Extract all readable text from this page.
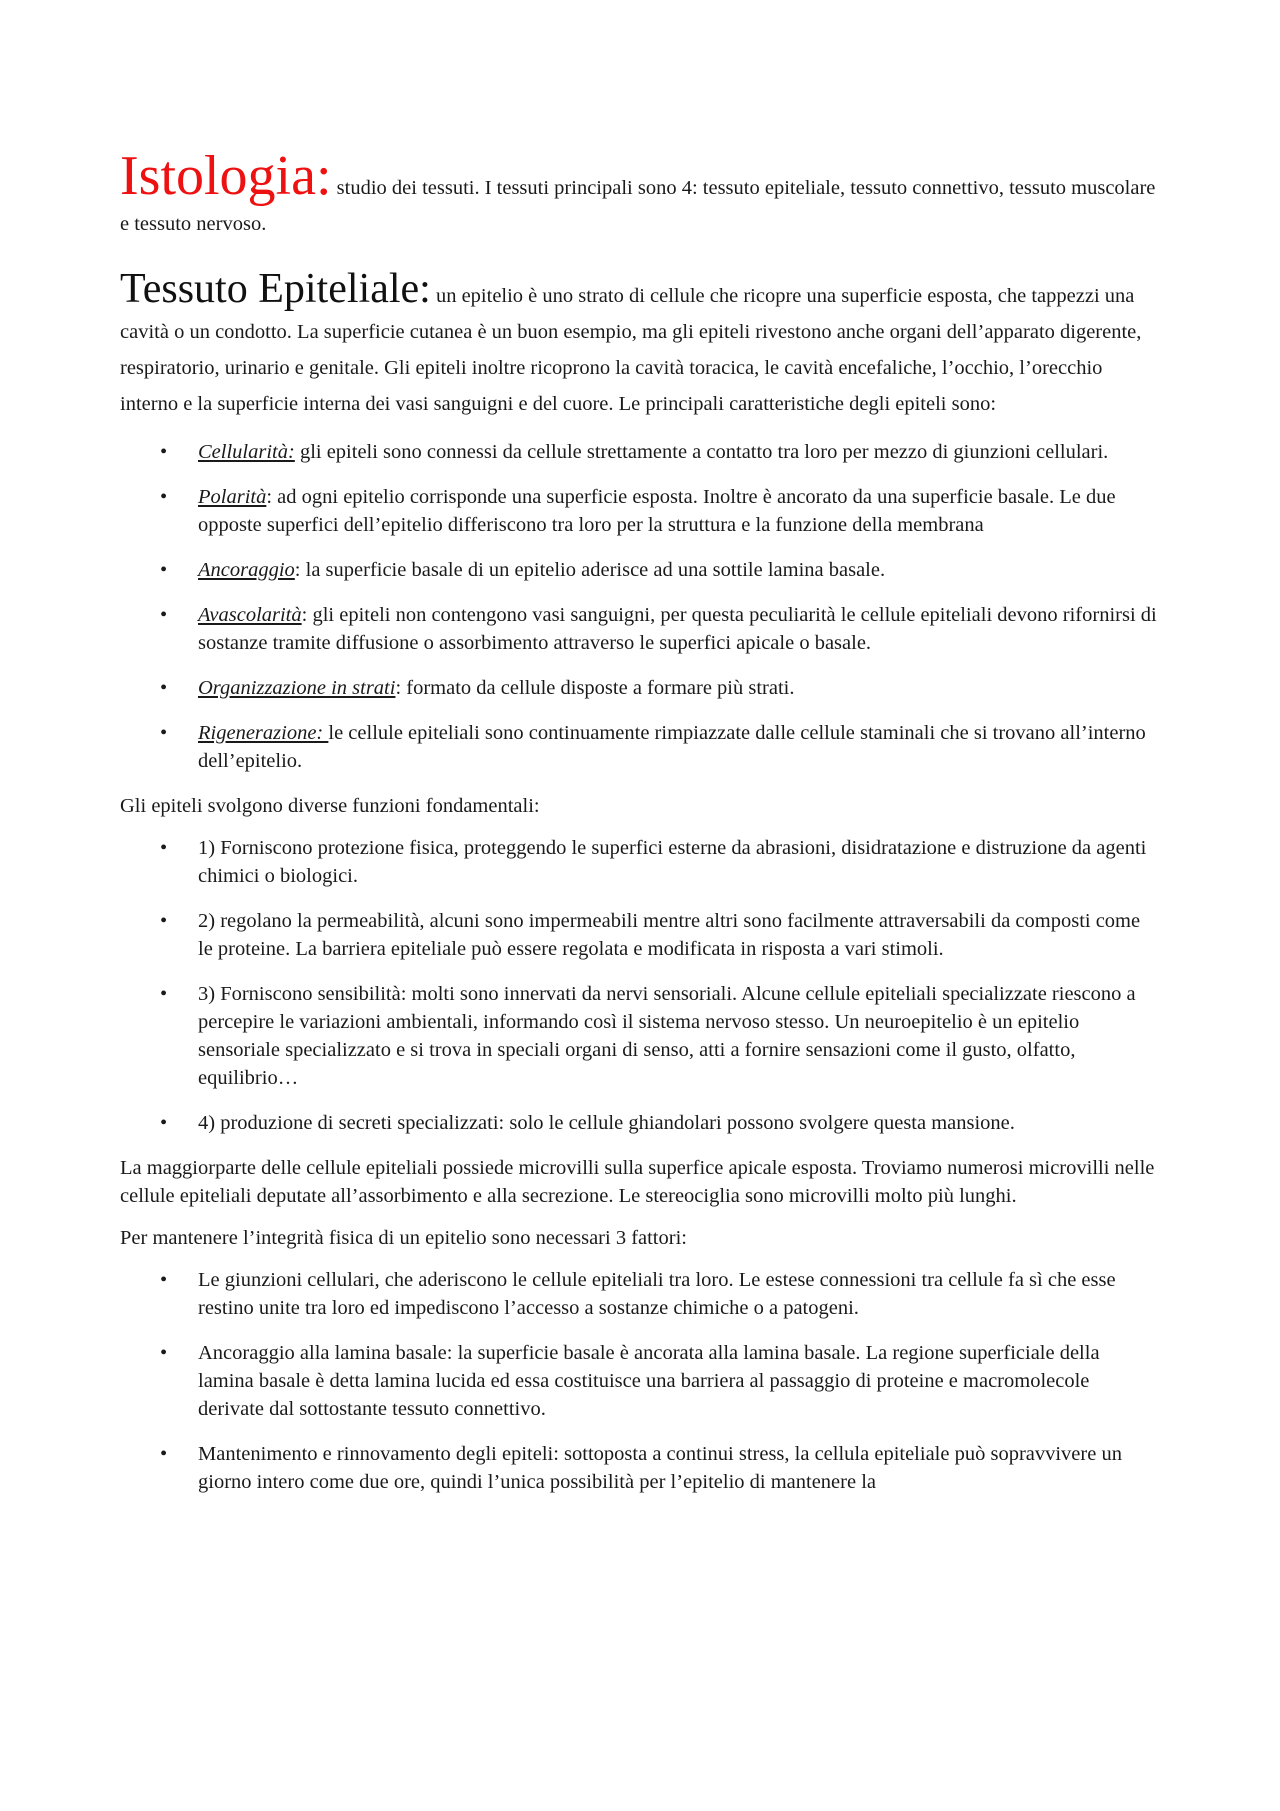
Istologia: studio dei tessuti. I tessuti principali sono 4: tessuto epiteliale, tessuto connettivo, tessuto muscolare e tessuto nervoso.

Tessuto Epiteliale: un epitelio è uno strato di cellule che ricopre una superficie esposta, che tappezzi una cavità o un condotto. La superficie cutanea è un buon esempio, ma gli epiteli rivestono anche organi dell’apparato digerente, respiratorio, urinario e genitale. Gli epiteli inoltre ricoprono la cavità toracica, le cavità encefaliche, l’occhio, l’orecchio interno e la superficie interna dei vasi sanguigni e del cuore. Le principali caratteristiche degli epiteli sono:

• Cellularità: gli epiteli sono connessi da cellule strettamente a contatto tra loro per mezzo di giunzioni cellulari.
• Polarità: ad ogni epitelio corrisponde una superficie esposta. Inoltre è ancorato da una superficie basale. Le due opposte superfici dell’epitelio differiscono tra loro per la struttura e la funzione della membrana
• Ancoraggio: la superficie basale di un epitelio aderisce ad una sottile lamina basale.
• Avascolarità: gli epiteli non contengono vasi sanguigni, per questa peculiarità le cellule epiteliali devono rifornirsi di sostanze tramite diffusione o assorbimento attraverso le superfici apicale o basale.
• Organizzazione in strati: formato da cellule disposte a formare più strati.
• Rigenerazione: le cellule epiteliali sono continuamente rimpiazzate dalle cellule staminali che si trovano all’interno dell’epitelio.

Gli epiteli svolgono diverse funzioni fondamentali:

• 1) Forniscono protezione fisica, proteggendo le superfici esterne da abrasioni, disidratazione e distruzione da agenti chimici o biologici.
• 2) regolano la permeabilità, alcuni sono impermeabili mentre altri sono facilmente attraversabili da composti come le proteine. La barriera epiteliale può essere regolata e modificata in risposta a vari stimoli.
• 3) Forniscono sensibilità: molti sono innervati da nervi sensoriali. Alcune cellule epiteliali specializzate riescono a percepire le variazioni ambientali, informando così il sistema nervoso stesso. Un neuroepitelio è un epitelio sensoriale specializzato e si trova in speciali organi di senso, atti a fornire sensazioni come il gusto, olfatto, equilibrio…
• 4) produzione di secreti specializzati: solo le cellule ghiandolari possono svolgere questa mansione.

La maggiorparte delle cellule epiteliali possiede microvilli sulla superfice apicale esposta. Troviamo numerosi microvilli nelle cellule epiteliali deputate all’assorbimento e alla secrezione. Le stereociglia sono microvilli molto più lunghi.

Per mantenere l’integrità fisica di un epitelio sono necessari 3 fattori:

• Le giunzioni cellulari, che aderiscono le cellule epiteliali tra loro. Le estese connessioni tra cellule fa sì che esse restino unite tra loro ed impediscono l’accesso a sostanze chimiche o a patogeni.
• Ancoraggio alla lamina basale: la superficie basale è ancorata alla lamina basale. La regione superficiale della lamina basale è detta lamina lucida ed essa costituisce una barriera al passaggio di proteine e macromolecole derivate dal sottostante tessuto connettivo.
• Mantenimento e rinnovamento degli epiteli: sottoposta a continui stress, la cellula epiteliale può sopravvivere un giorno intero come due ore, quindi l’unica possibilità per l’epitelio di mantenere la
